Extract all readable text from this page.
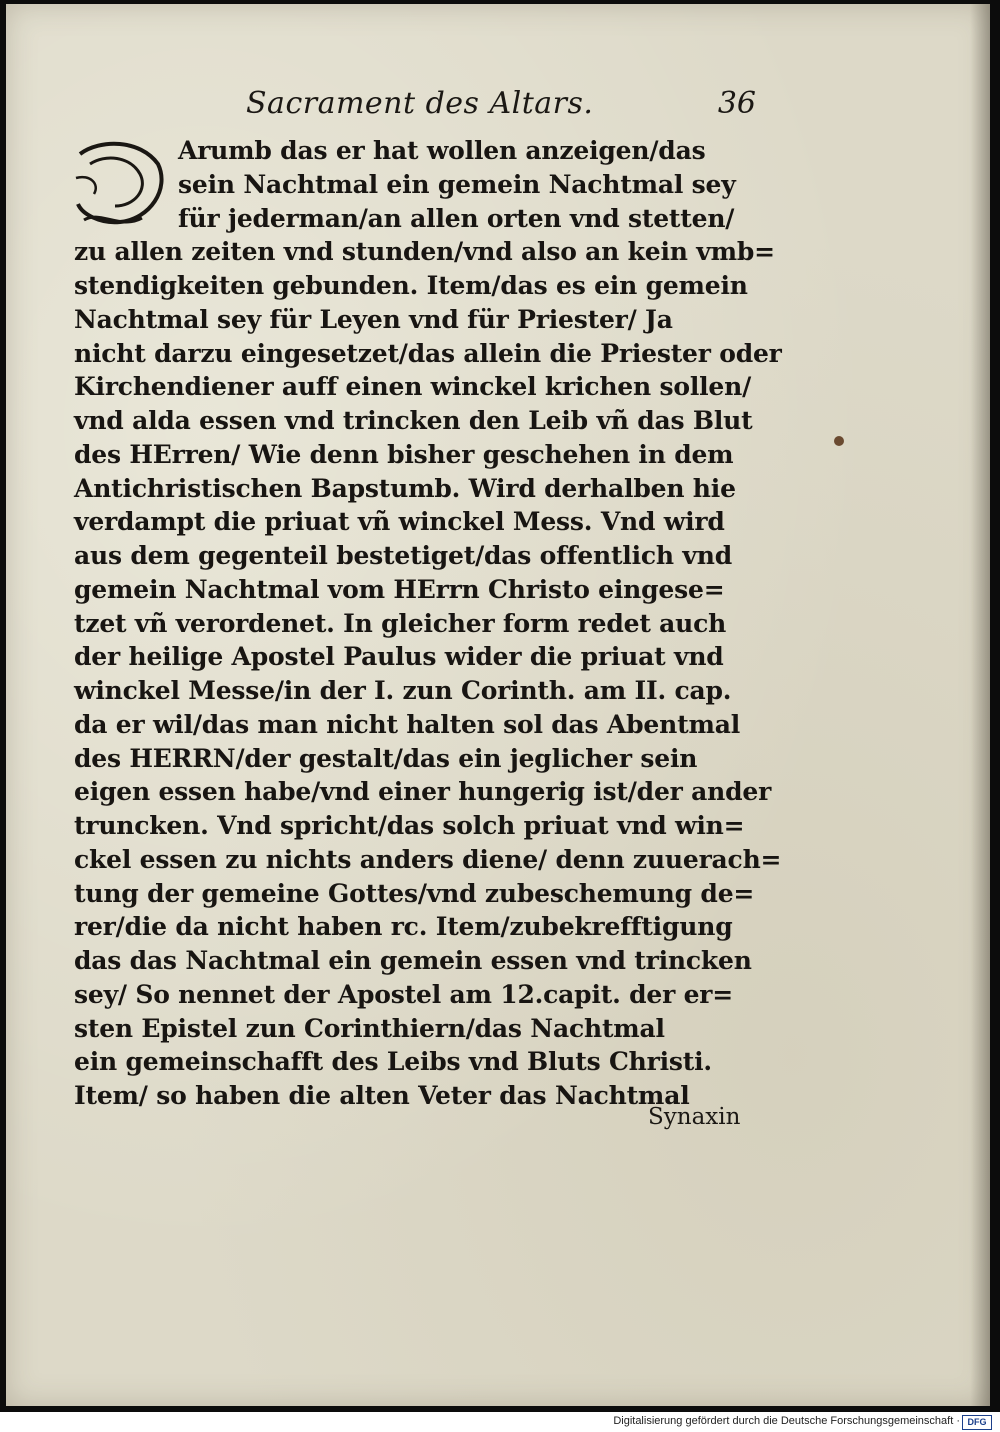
Sacrament des Altars.	36
Arumb das er hat wollen anzeigen/das
sein Nachtmal ein gemein Nachtmal sey
für jederman/an allen orten vnd stetten/
zu allen zeiten vnd stunden/vnd also an kein vmb=
stendigkeiten gebunden. Item/das es ein gemein
Nachtmal sey für Leyen vnd für Priester/ Ja
nicht darzu eingesetzet/das allein die Priester oder
Kirchendiener auff einen winckel krichen sollen/
vnd alda essen vnd trincken den Leib vñ das Blut
des HErren/ Wie denn bisher geschehen in dem
Antichristischen Bapstumb. Wird derhalben hie
verdampt die priuat vñ winckel Mess. Vnd wird
aus dem gegenteil bestetiget/das offentlich vnd
gemein Nachtmal vom HErrn Christo eingese=
tzet vñ verordenet. In gleicher form redet auch
der heilige Apostel Paulus wider die priuat vnd
winckel Messe/in der I. zun Corinth. am II. cap.
da er wil/das man nicht halten sol das Abentmal
des HERRN/der gestalt/das ein jeglicher sein
eigen essen habe/vnd einer hungerig ist/der ander
truncken. Vnd spricht/das solch priuat vnd win=
ckel essen zu nichts anders diene/ denn zuuerach=
tung der gemeine Gottes/vnd zubeschemung de=
rer/die da nicht haben rc. Item/zubekrefftigung
das das Nachtmal ein gemein essen vnd trincken
sey/ So nennet der Apostel am 12.capit. der er=
sten Epistel zun Corinthiern/das Nachtmal
ein gemeinschafft des Leibs vnd Bluts Christi.
Item/ so haben die alten Veter das Nachtmal
Synaxin
Digitalisierung gefördert durch die Deutsche Forschungsgemeinschaft · DFG
